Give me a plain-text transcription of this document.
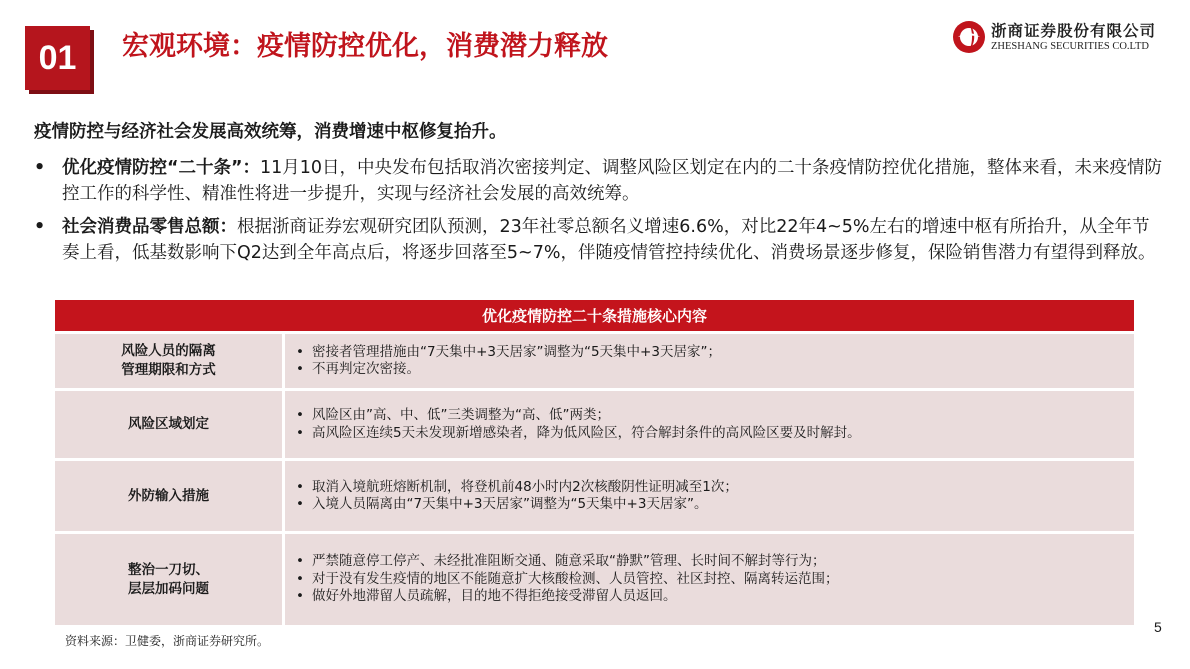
01 宏观环境：疫情防控优化，消费潜力释放
浙商证券股份有限公司
ZHESHANG SECURITIES CO.LTD
疫情防控与经济社会发展高效统筹，消费增速中枢修复抬升。
• 优化疫情防控“二十条”：11月10日，中央发布包括取消次密接判定、调整风险区划定在内的二十条疫情防控优化措施，整体来看，未来疫情防控工作的科学性、精准性将进一步提升，实现与经济社会发展的高效统筹。
• 社会消费品零售总额：根据浙商证券宏观研究团队预测，23年社零总额名义增速6.6%，对比22年4~5%左右的增速中枢有所抬升，从全年节奏上看，低基数影响下Q2达到全年高点后，将逐步回落至5~7%，伴随疫情管控持续优化、消费场景逐步修复，保险销售潜力有望得到释放。
优化疫情防控二十条措施核心内容
风险人员的隔离
管理期限和方式
• 密接者管理措施由“7天集中+3天居家”调整为“5天集中+3天居家”；
• 不再判定次密接。
风险区域划定
• 风险区由”高、中、低”三类调整为“高、低”两类；
• 高风险区连续5天未发现新增感染者，降为低风险区，符合解封条件的高风险区要及时解封。
外防输入措施
• 取消入境航班熔断机制，将登机前48小时内2次核酸阴性证明减至1次；
• 入境人员隔离由“7天集中+3天居家”调整为“5天集中+3天居家”。
整治一刀切、
层层加码问题
• 严禁随意停工停产、未经批准阻断交通、随意采取“静默”管理、长时间不解封等行为；
• 对于没有发生疫情的地区不能随意扩大核酸检测、人员管控、社区封控、隔离转运范围；
• 做好外地滞留人员疏解，目的地不得拒绝接受滞留人员返回。
资料来源：卫健委，浙商证券研究所。
5
